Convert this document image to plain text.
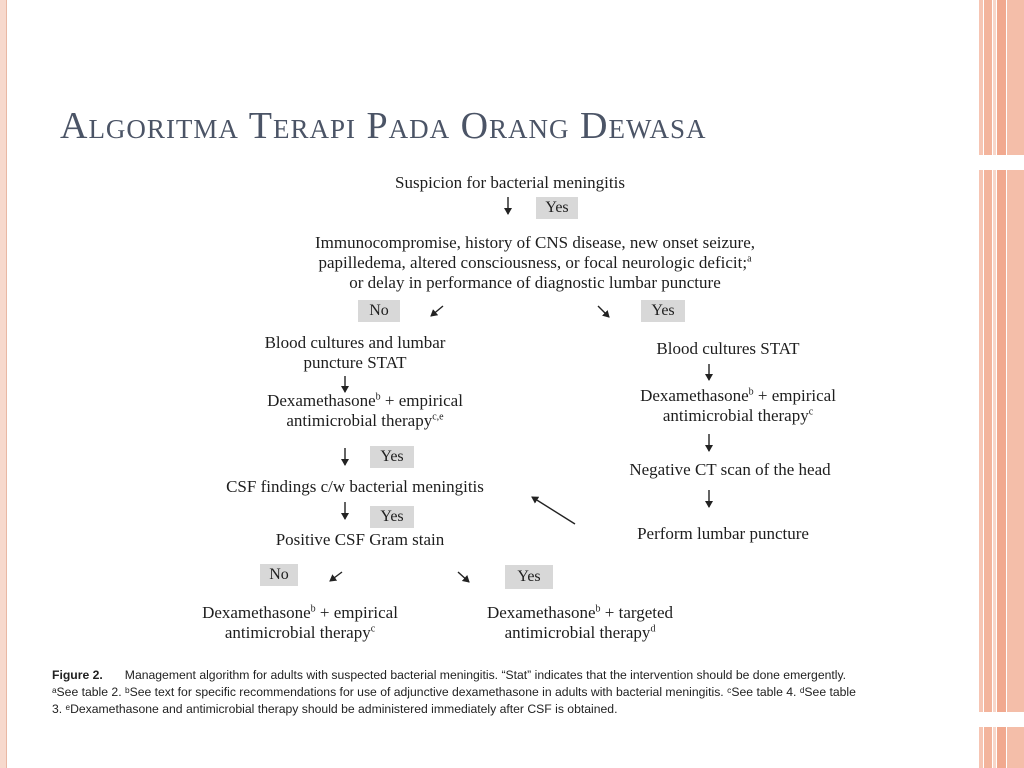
Algoritma Terapi Pada Orang Dewasa
Suspicion for bacterial meningitis
Yes
Immunocompromise, history of CNS disease, new onset seizure,
papilledema, altered consciousness, or focal neurologic deficit;$^a$
or delay in performance of diagnostic lumbar puncture
No	Yes
Blood cultures and lumbar
puncture STAT
Dexamethasone$^b$ + empirical
antimicrobial therapy$^{c,e}$
Yes
CSF findings c/w bacterial meningitis
Yes
Positive CSF Gram stain
No	Yes
Dexamethasone$^b$ + empirical
antimicrobial therapy$^c$
Dexamethasone$^b$ + targeted
antimicrobial therapy$^d$
Blood cultures STAT
Dexamethasone$^b$ + empirical
antimicrobial therapy$^c$
Negative CT scan of the head
Perform lumbar puncture
Figure 2. Management algorithm for adults with suspected bacterial meningitis. “Stat” indicates that the intervention should be done emergently.
ᵃSee table 2. ᵇSee text for specific recommendations for use of adjunctive dexamethasone in adults with bacterial meningitis. ᶜSee table 4. ᵈSee table
3. ᵉDexamethasone and antimicrobial therapy should be administered immediately after CSF is obtained.
